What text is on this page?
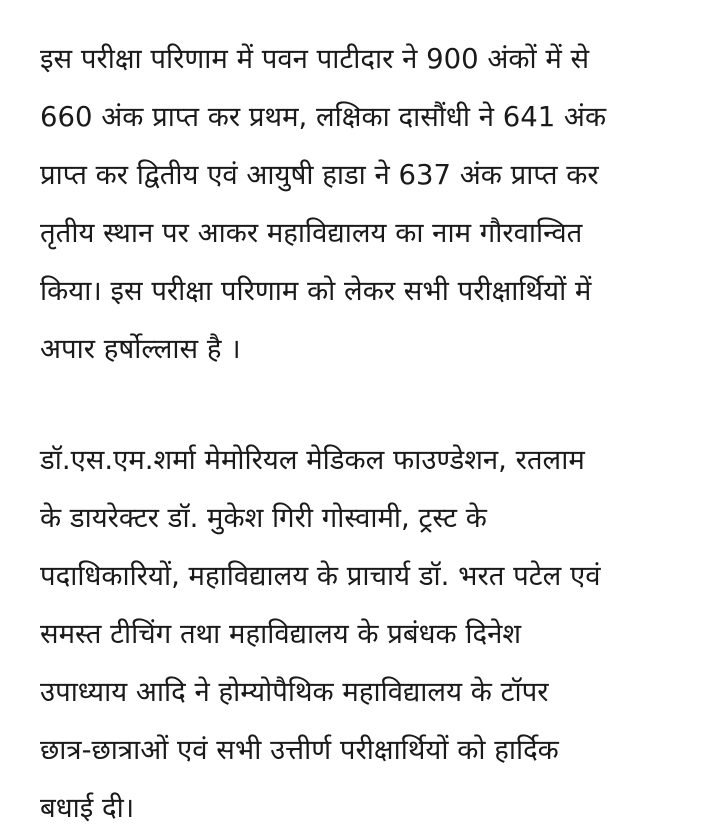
इस परीक्षा परिणाम में पवन पाटीदार ने 900 अंकों में से
660 अंक प्राप्त कर प्रथम, लक्षिका दासौंधी ने 641 अंक
प्राप्त कर द्वितीय एवं आयुषी हाडा ने 637 अंक प्राप्त कर
तृतीय स्थान पर आकर महाविद्यालय का नाम गौरवान्वित
किया। इस परीक्षा परिणाम को लेकर सभी परीक्षार्थियों में
अपार हर्षोल्लास है ।
डॉ.एस.एम.शर्मा मेमोरियल मेडिकल फाउण्डेशन, रतलाम
के डायरेक्टर डॉ. मुकेश गिरी गोस्वामी, ट्रस्ट के
पदाधिकारियों, महाविद्यालय के प्राचार्य डॉ. भरत पटेल एवं
समस्त टीचिंग तथा महाविद्यालय के प्रबंधक दिनेश
उपाध्याय आदि ने होम्योपैथिक महाविद्यालय के टॉपर
छात्र-छात्राओं एवं सभी उत्तीर्ण परीक्षार्थियों को हार्दिक
बधाई दी।
